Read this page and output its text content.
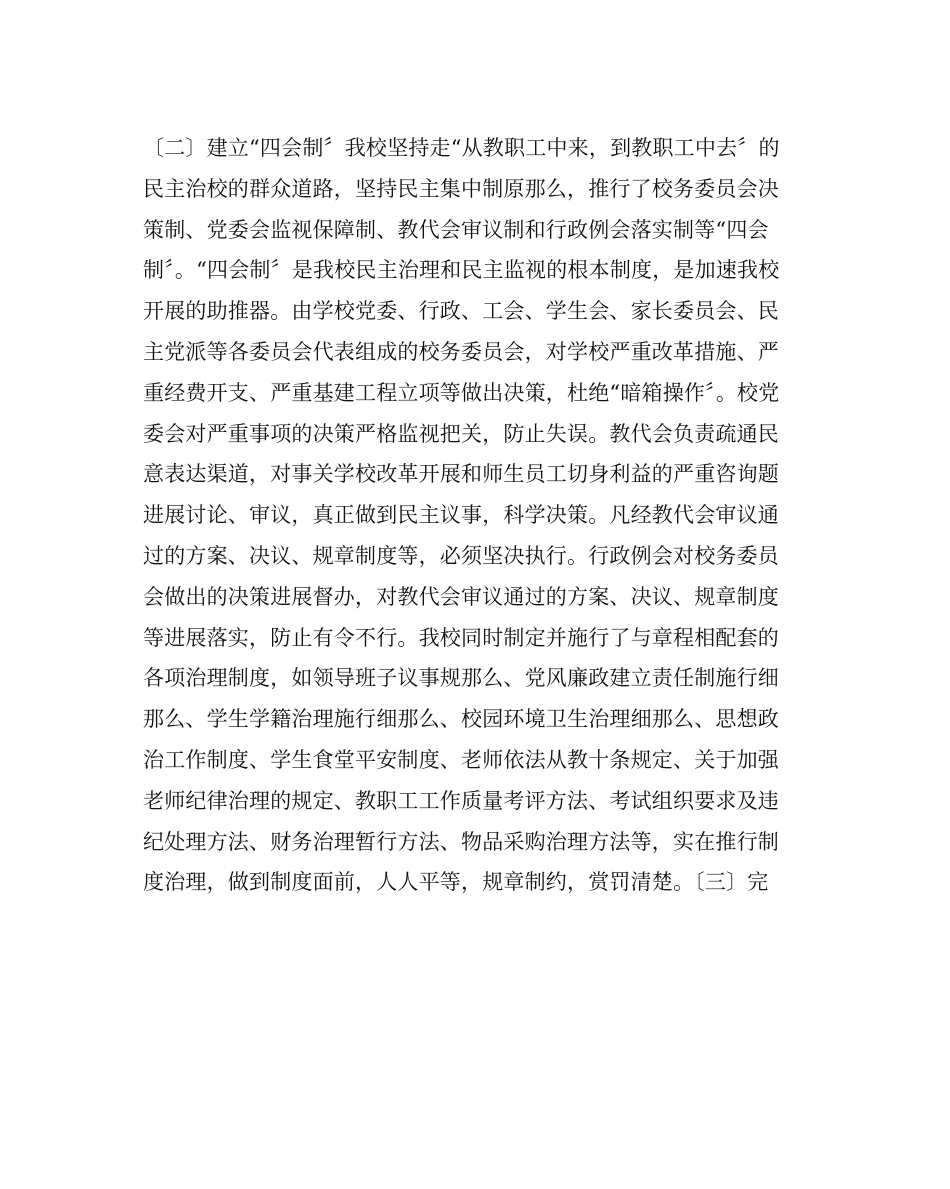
〔二〕建立“四会制〞我校坚持走“从教职工中来，到教职工中去〞的
民主治校的群众道路，坚持民主集中制原那么，推行了校务委员会决
策制、党委会监视保障制、教代会审议制和行政例会落实制等“四会
制〞。“四会制〞是我校民主治理和民主监视的根本制度，是加速我校
开展的助推器。由学校党委、行政、工会、学生会、家长委员会、民
主党派等各委员会代表组成的校务委员会，对学校严重改革措施、严
重经费开支、严重基建工程立项等做出决策，杜绝“暗箱操作〞。校党
委会对严重事项的决策严格监视把关，防止失误。教代会负责疏通民
意表达渠道，对事关学校改革开展和师生员工切身利益的严重咨询题
进展讨论、审议，真正做到民主议事，科学决策。凡经教代会审议通
过的方案、决议、规章制度等，必须坚决执行。行政例会对校务委员
会做出的决策进展督办，对教代会审议通过的方案、决议、规章制度
等进展落实，防止有令不行。我校同时制定并施行了与章程相配套的
各项治理制度，如领导班子议事规那么、党风廉政建立责任制施行细
那么、学生学籍治理施行细那么、校园环境卫生治理细那么、思想政
治工作制度、学生食堂平安制度、老师依法从教十条规定、关于加强
老师纪律治理的规定、教职工工作质量考评方法、考试组织要求及违
纪处理方法、财务治理暂行方法、物品采购治理方法等，实在推行制
度治理，做到制度面前，人人平等，规章制约，赏罚清楚。〔三〕完
